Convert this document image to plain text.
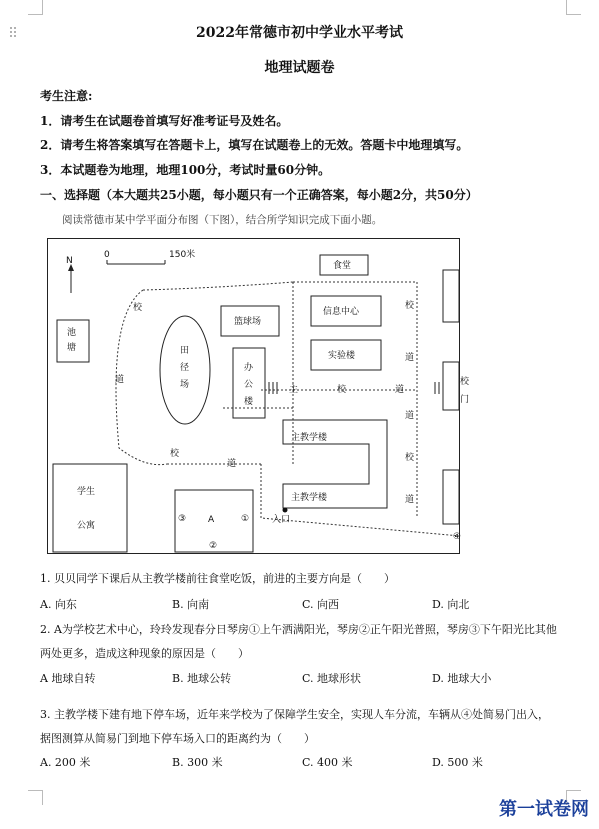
2022年常德市初中学业水平考试
地理试题卷
考生注意:
1．请考生在试题卷首填写好准考证号及姓名。
2．请考生将答案填写在答题卡上，填写在试题卷上的无效。答题卡中地理填写。
3．本试题卷为地理，地理100分，考试时量60分钟。
一、选择题（本大题共25小题，每小题只有一个正确答案，每小题2分，共50分）
阅读常德市某中学平面分布图（下图），结合所学知识完成下面小题。
N
0	150米
食堂
池
塘	田
径
场
篮球场
办
公
楼
信息中心
实验楼
主	校	道
主教学楼
主教学楼
学生
公寓
A
③	①
②
入口
④
校
门
校
道
校
道
校
道
道
校
道
1. 贝贝同学下课后从主教学楼前往食堂吃饭，前进的主要方向是（　　）
A. 向东	B. 向南	C. 向西	D. 向北
2. A为学校艺术中心，玲玲发现春分日琴房①上午洒满阳光，琴房②正午阳光普照，琴房③下午阳光比其他
两处更多，造成这种现象的原因是（　　）
A 地球自转	B. 地球公转	C. 地球形状	D. 地球大小
3. 主教学楼下建有地下停车场，近年来学校为了保障学生安全，实现人车分流，车辆从④处简易门出入，
据图测算从简易门到地下停车场入口的距离约为（　　）
A. 200 米	B. 300 米	C. 400 米	D. 500 米
第一试卷网
